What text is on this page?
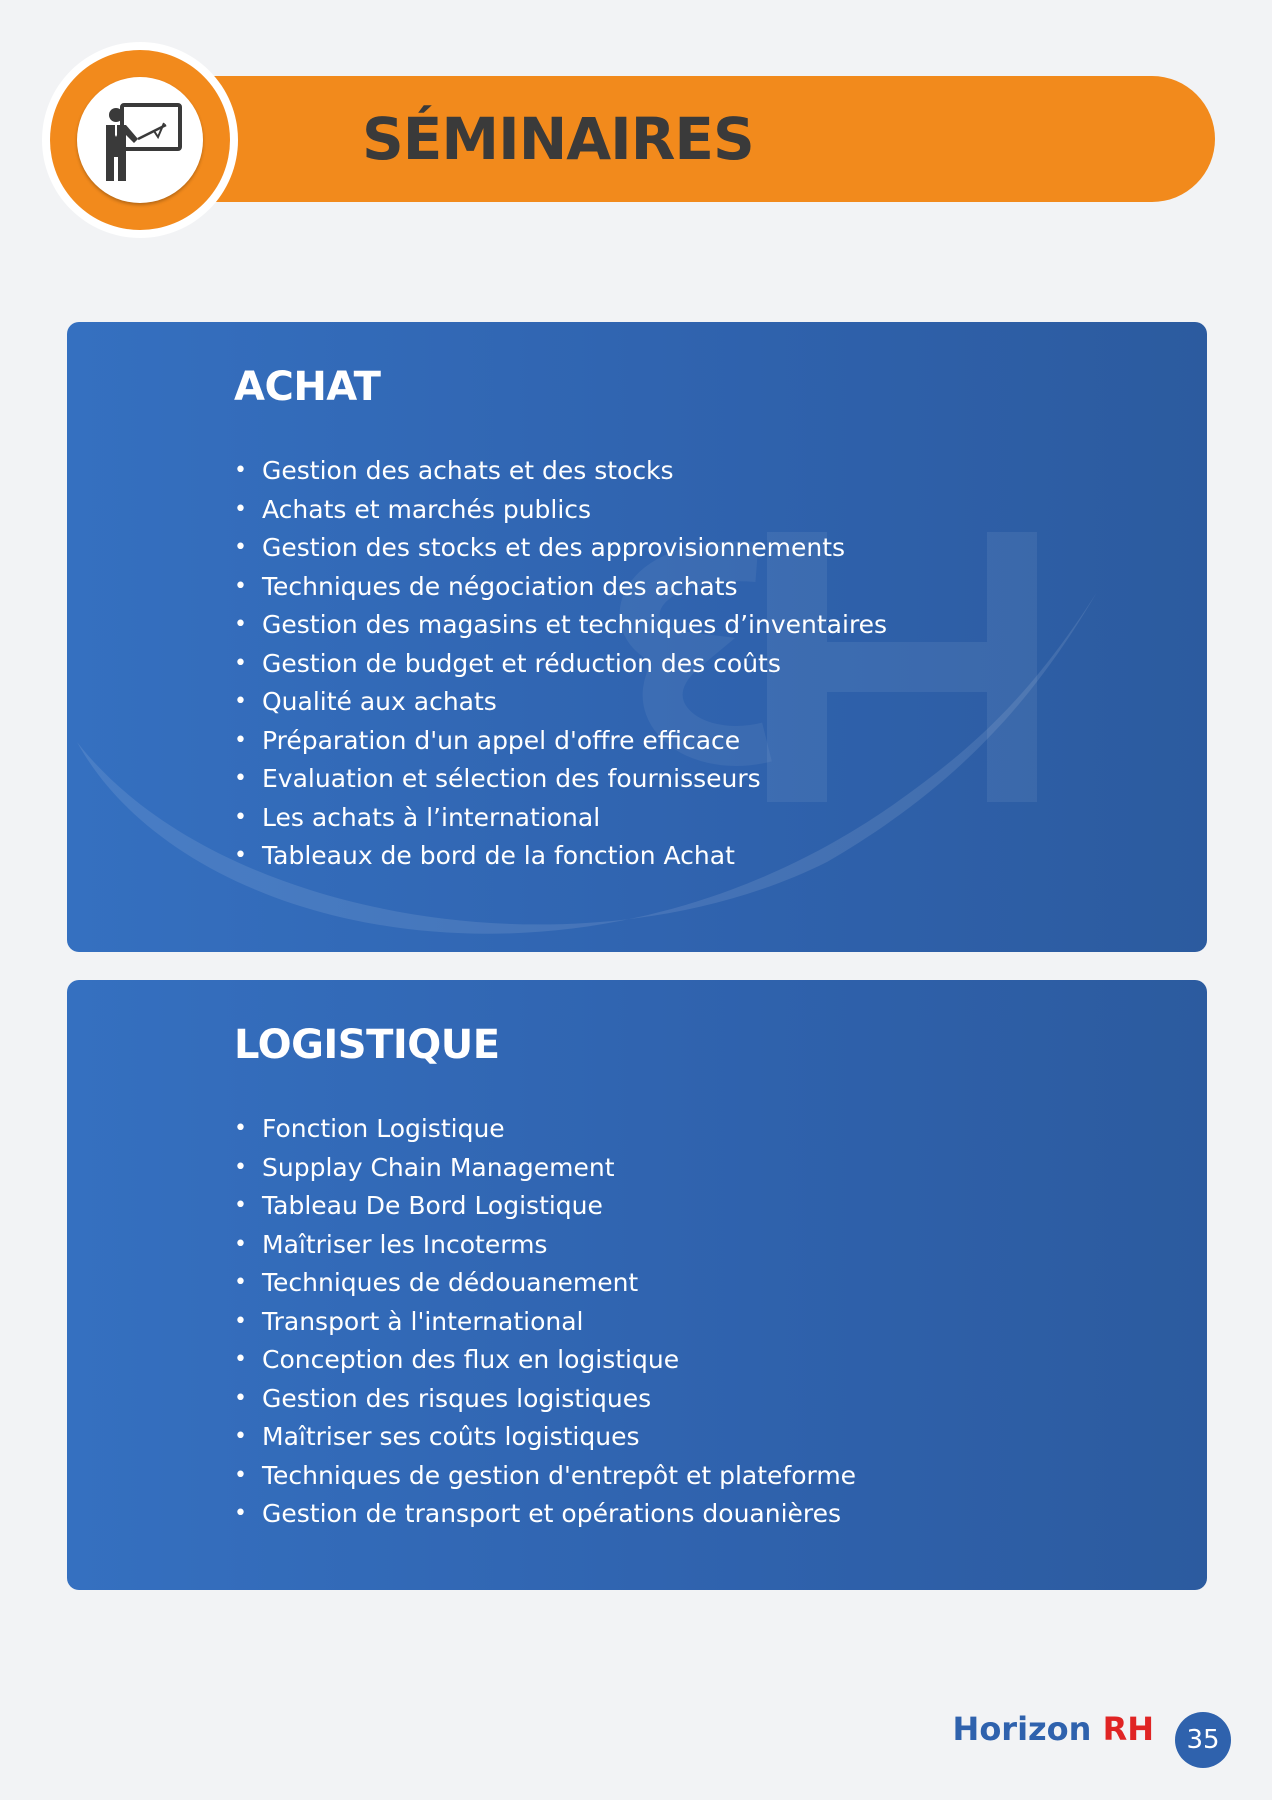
SÉMINAIRES
ACHAT
• Gestion des achats et des stocks
• Achats et marchés publics
• Gestion des stocks et des approvisionnements
• Techniques de négociation des achats
• Gestion des magasins et techniques d’inventaires
• Gestion de budget et réduction des coûts
• Qualité aux achats
• Préparation d'un appel d'offre efficace
• Evaluation et sélection des fournisseurs
• Les achats à l’international
• Tableaux de bord de la fonction Achat
LOGISTIQUE
• Fonction Logistique
• Supplay Chain Management
• Tableau De Bord Logistique
• Maîtriser les Incoterms
• Techniques de dédouanement
• Transport à l'international
• Conception des flux en logistique
• Gestion des risques logistiques
• Maîtriser ses coûts logistiques
• Techniques de gestion d'entrepôt et plateforme
• Gestion de transport et opérations douanières
Horizon RH	35
